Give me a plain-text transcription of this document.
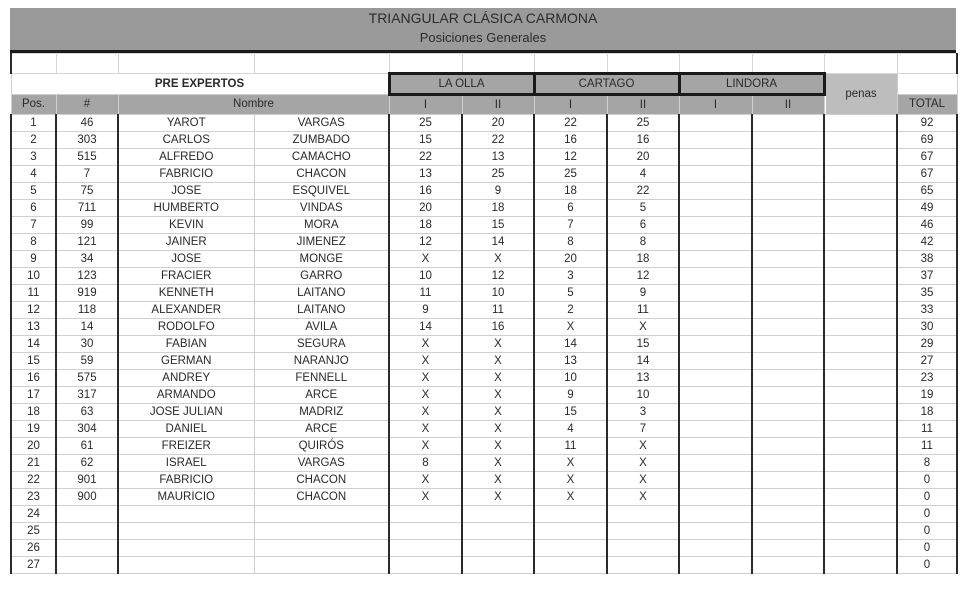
TRIANGULAR CLÁSICA CARMONA
Posiciones Generales

PRE EXPERTOS				LA OLLA		CARTAGO		LINDORA		penas	
Pos.	#	Nombre		I	II	I	II	I	II		TOTAL
1	46	YAROT	VARGAS	25	20	22	25				92
2	303	CARLOS	ZUMBADO	15	22	16	16				69
3	515	ALFREDO	CAMACHO	22	13	12	20				67
4	7	FABRICIO	CHACON	13	25	25	4				67
5	75	JOSE	ESQUIVEL	16	9	18	22				65
6	711	HUMBERTO	VINDAS	20	18	6	5				49
7	99	KEVIN	MORA	18	15	7	6				46
8	121	JAINER	JIMENEZ	12	14	8	8				42
9	34	JOSE	MONGE	X	X	20	18				38
10	123	FRACIER	GARRO	10	12	3	12				37
11	919	KENNETH	LAITANO	11	10	5	9				35
12	118	ALEXANDER	LAITANO	9	11	2	11				33
13	14	RODOLFO	AVILA	14	16	X	X				30
14	30	FABIAN	SEGURA	X	X	14	15				29
15	59	GERMAN	NARANJO	X	X	13	14				27
16	575	ANDREY	FENNELL	X	X	10	13				23
17	317	ARMANDO	ARCE	X	X	9	10				19
18	63	JOSE JULIAN	MADRIZ	X	X	15	3				18
19	304	DANIEL	ARCE	X	X	4	7				11
20	61	FREIZER	QUIRÓS	X	X	11	X				11
21	62	ISRAEL	VARGAS	8	X	X	X				8
22	901	FABRICIO	CHACON	X	X	X	X				0
23	900	MAURICIO	CHACON	X	X	X	X				0
24											0
25											0
26											0
27											0
